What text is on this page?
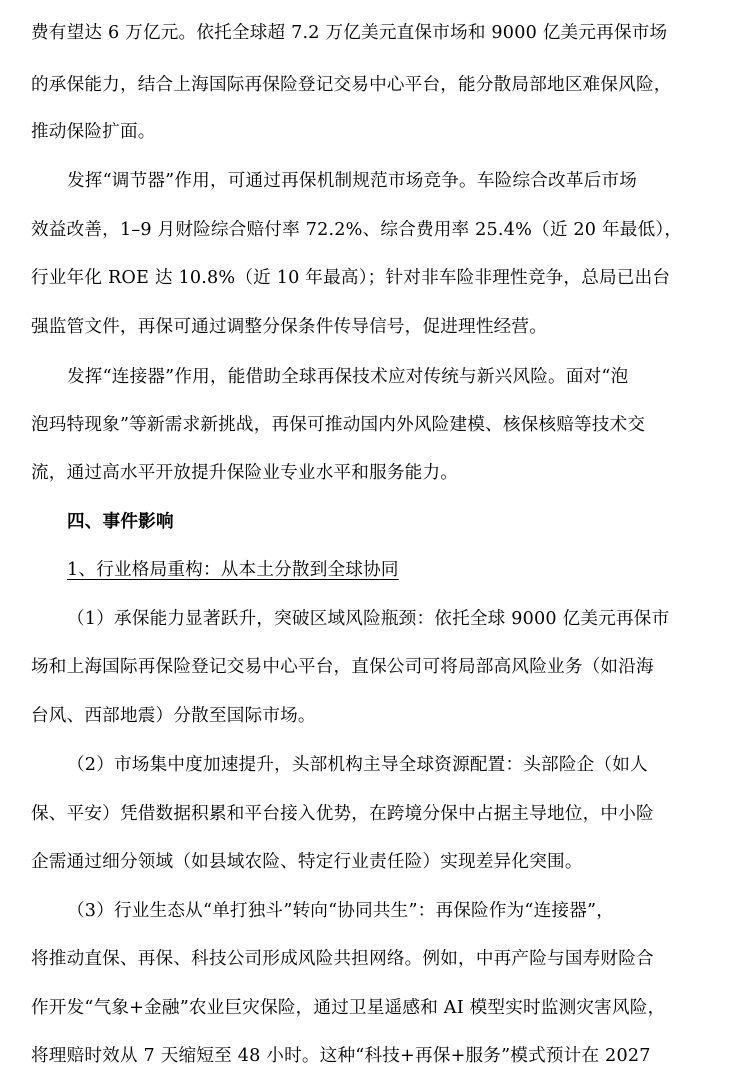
费有望达 6 万亿元。依托全球超 7.2 万亿美元直保市场和 9000 亿美元再保市场
的承保能力，结合上海国际再保险登记交易中心平台，能分散局部地区难保风险，
推动保险扩面。
发挥“调节器”作用，可通过再保机制规范市场竞争。车险综合改革后市场
效益改善，1–9 月财险综合赔付率 72.2%、综合费用率 25.4%（近 20 年最低），
行业年化 ROE 达 10.8%（近 10 年最高）；针对非车险非理性竞争，总局已出台
强监管文件，再保可通过调整分保条件传导信号，促进理性经营。
发挥“连接器”作用，能借助全球再保技术应对传统与新兴风险。面对“泡
泡玛特现象”等新需求新挑战，再保可推动国内外风险建模、核保核赔等技术交
流，通过高水平开放提升保险业专业水平和服务能力。
四、事件影响
1、行业格局重构：从本土分散到全球协同
（1）承保能力显著跃升，突破区域风险瓶颈：依托全球 9000 亿美元再保市
场和上海国际再保险登记交易中心平台，直保公司可将局部高风险业务（如沿海
台风、西部地震）分散至国际市场。
（2）市场集中度加速提升，头部机构主导全球资源配置：头部险企（如人
保、平安）凭借数据积累和平台接入优势，在跨境分保中占据主导地位，中小险
企需通过细分领域（如县域农险、特定行业责任险）实现差异化突围。
（3）行业生态从“单打独斗”转向“协同共生”：再保险作为“连接器”，
将推动直保、再保、科技公司形成风险共担网络。例如，中再产险与国寿财险合
作开发“气象+金融”农业巨灾保险，通过卫星遥感和 AI 模型实时监测灾害风险，
将理赔时效从 7 天缩短至 48 小时。这种“科技+再保+服务”模式预计在 2027
